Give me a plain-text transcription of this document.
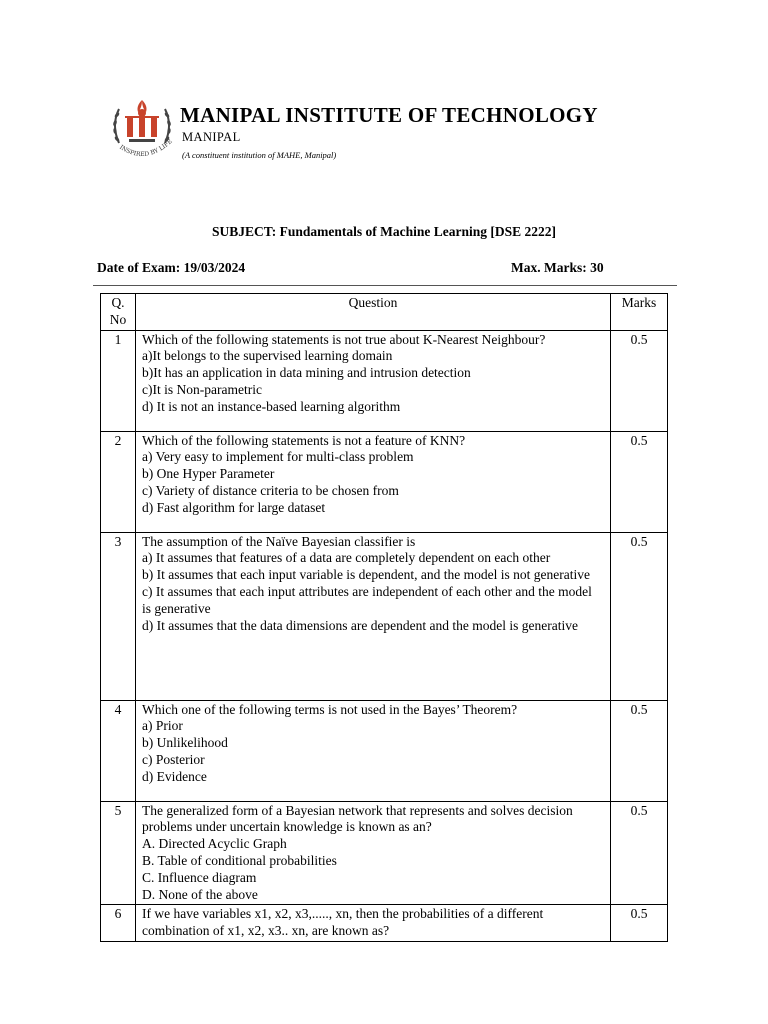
INSPIRED BY LIFE
MANIPAL INSTITUTE OF TECHNOLOGY
MANIPAL
(A constituent institution of MAHE, Manipal)
SUBJECT: Fundamentals of Machine Learning [DSE 2222]
Date of Exam: 19/03/2024	Max. Marks: 30
Q. No	Question	Marks
1	Which of the following statements is not true about K-Nearest Neighbour?
a)It belongs to the supervised learning domain
b)It has an application in data mining and intrusion detection
c)It is Non-parametric
d) It is not an instance-based learning algorithm	0.5
2	Which of the following statements is not a feature of KNN?
a) Very easy to implement for multi-class problem
b) One Hyper Parameter
c) Variety of distance criteria to be chosen from
d) Fast algorithm for large dataset	0.5
3	The assumption of the Naïve Bayesian classifier is
a) It assumes that features of a data are completely dependent on each other
b) It assumes that each input variable is dependent, and the model is not generative
c) It assumes that each input attributes are independent of each other and the model is generative
d) It assumes that the data dimensions are dependent and the model is generative	0.5
4	Which one of the following terms is not used in the Bayes’ Theorem?
a) Prior
b) Unlikelihood
c) Posterior
d) Evidence	0.5
5	The generalized form of a Bayesian network that represents and solves decision problems under uncertain knowledge is known as an?
A. Directed Acyclic Graph
B. Table of conditional probabilities
C. Influence diagram
D. None of the above	0.5
6	If we have variables x1, x2, x3,....., xn, then the probabilities of a different combination of x1, x2, x3.. xn, are known as?	0.5
